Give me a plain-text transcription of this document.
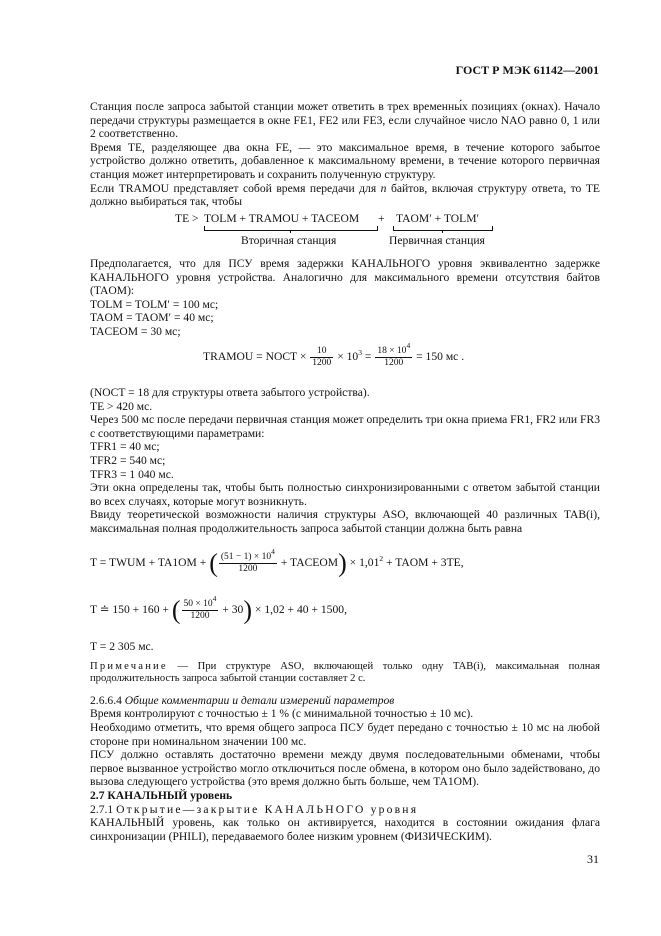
ГОСТ Р МЭК 61142—2001

Станция после запроса забытой станции может ответить в трех временны́х позициях (окнах). Начало передачи структуры размещается в окне FE1, FE2 или FE3, если случайное число NAO равно 0, 1 или 2 соответственно.

Время TE, разделяющее два окна FE, — это максимальное время, в течение которого забытое устройство должно ответить, добавленное к максимальному времени, в течение которого первичная станция может интерпретировать и сохранить полученную структуру.

Если TRAMOU представляет собой время передачи для n байтов, включая структуру ответа, то TE должно выбираться так, чтобы

TE > TOLM + TRAMOU + TACEOM + TAOM′ + TOLM′
Вторичная станция	Первичная станция

Предполагается, что для ПСУ время задержки КАНАЛЬНОГО уровня эквивалентно задержке КАНАЛЬНОГО уровня устройства. Аналогично для максимального времени отсутствия байтов (TAOM):

TOLM = TOLM′ = 100 мс;
TAOM = TAOM′ = 40 мс;
TACEOM = 30 мс;
TRAMOU = NOCT × $\frac{10}{1200} \times 10^3 = \frac{18 \times 10^4}{1200} = 150$ мс .
(NOCT = 18 для структуры ответа забытого устройства).
TE > 420 мс.

Через 500 мс после передачи первичная станция может определить три окна приема FR1, FR2 или FR3 с соответствующими параметрами:

TFR1 = 40 мс;
TFR2 = 540 мс;
TFR3 = 1 040 мс.

Эти окна определены так, чтобы быть полностью синхронизированными с ответом забытой станции во всех случаях, которые могут возникнуть.

Ввиду теоретической возможности наличия структуры ASO, включающей 40 различных TAB(i), максимальная полная продолжительность запроса забытой станции должна быть равна

T = TWUM + TA1OM + ( $\frac{(51 - 1) \times 10^4}{1200}$ + TACEOM) × $1,01^2$ + TAOM + 3TE,
T ≐ 150 + 160 + ( $\frac{50 \times 10^4}{1200} + 30) \times 1,02 + 40 + 1500$,
T = 2 305 мс.

Примечание — При структуре ASO, включающей только одну TAB(i), максимальная полная продолжительность запроса забытой станции составляет 2 с.

2.6.6.4 Общие комментарии и детали измерений параметров

Время контролируют с точностью ± 1 % (с минимальной точностью ± 10 мс).

Необходимо отметить, что время общего запроса ПСУ будет передано с точностью ± 10 мс на любой стороне при номинальном значении 100 мс.

ПСУ должно оставлять достаточно времени между двумя последовательными обменами, чтобы первое вызванное устройство могло отключиться после обмена, в котором оно было задействовано, до вызова следующего устройства (это время должно быть больше, чем TA1OM).

2.7 КАНАЛЬНЫЙ уровень
2.7.1 Открытие—закрытие КАНАЛЬНОГО уровня

КАНАЛЬНЫЙ уровень, как только он активируется, находится в состоянии ожидания флага синхронизации (PHILI), передаваемого более низким уровнем (ФИЗИЧЕСКИМ).

31
